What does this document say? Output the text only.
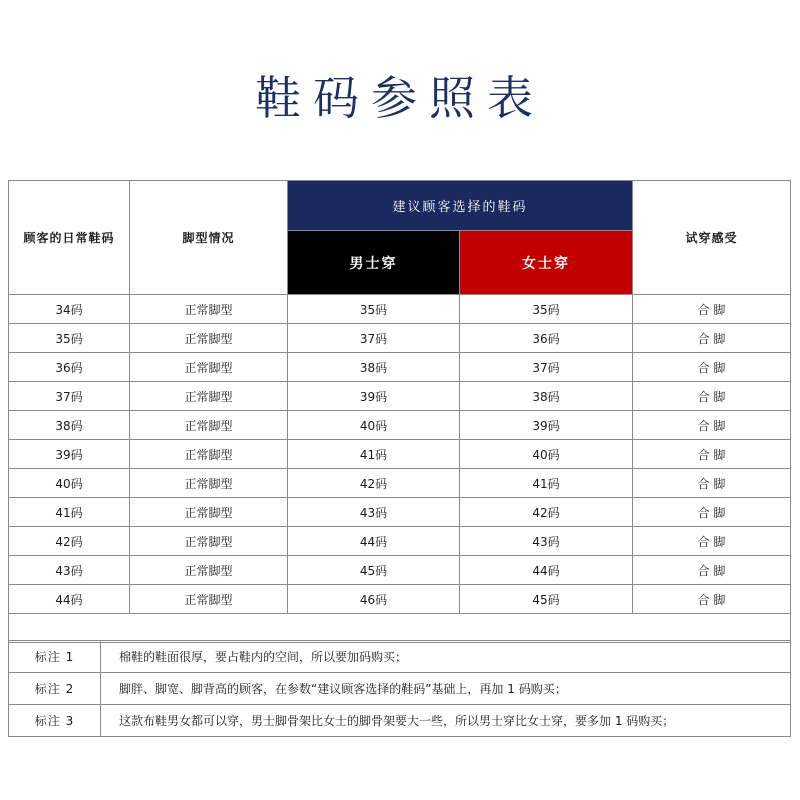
鞋码参照表
顾客的日常鞋码	脚型情况	建议顾客选择的鞋码		试穿感受
		男士穿	女士穿	
34码	正常脚型	35码	35码	合 脚
35码	正常脚型	37码	36码	合 脚
36码	正常脚型	38码	37码	合 脚
37码	正常脚型	39码	38码	合 脚
38码	正常脚型	40码	39码	合 脚
39码	正常脚型	41码	40码	合 脚
40码	正常脚型	42码	41码	合 脚
41码	正常脚型	43码	42码	合 脚
42码	正常脚型	44码	43码	合 脚
43码	正常脚型	45码	44码	合 脚
44码	正常脚型	46码	45码	合 脚

标注 1	棉鞋的鞋面很厚，要占鞋内的空间，所以要加码购买；
标注 2	脚胖、脚宽、脚背高的顾客，在参数“建议顾客选择的鞋码”基础上，再加 1 码购买；
标注 3	这款布鞋男女都可以穿，男士脚骨架比女士的脚骨架要大一些，所以男士穿比女士穿，要多加 1 码购买；
